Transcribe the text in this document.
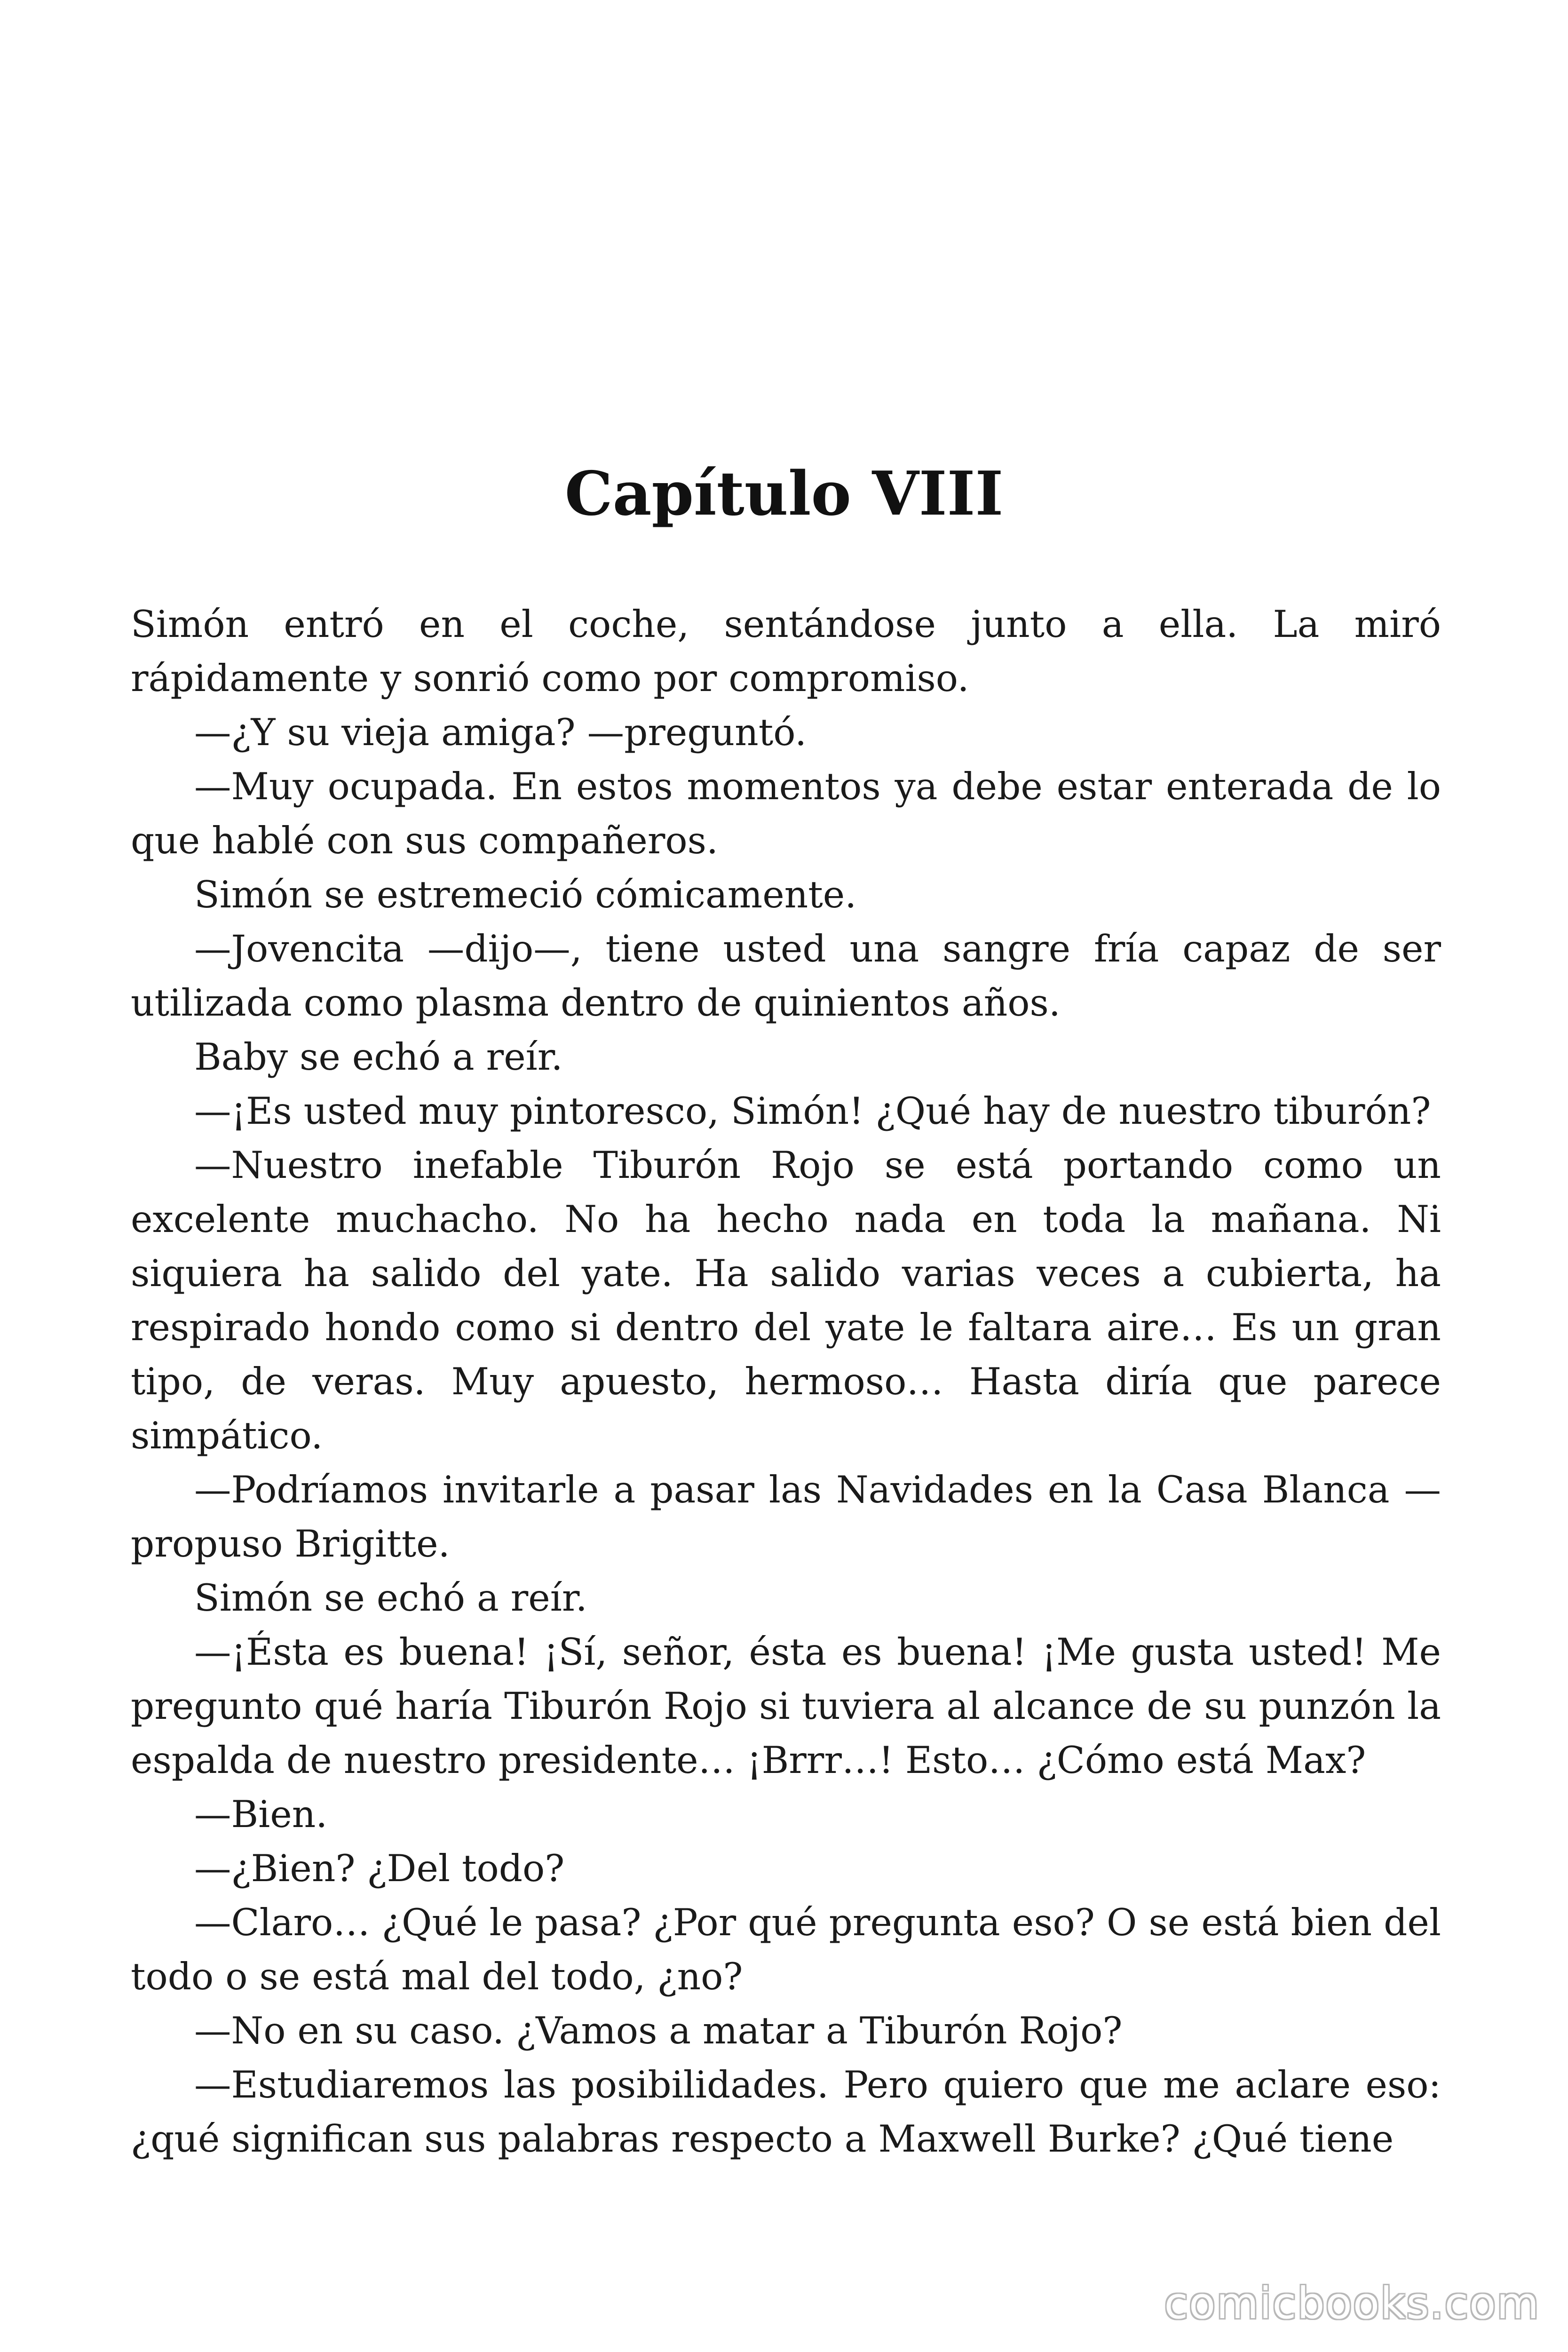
Capítulo VIII

Simón entró en el coche, sentándose junto a ella. La miró rápidamente y sonrió como por compromiso.

—¿Y su vieja amiga? —preguntó.

—Muy ocupada. En estos momentos ya debe estar enterada de lo que hablé con sus compañeros.

Simón se estremeció cómicamente.

—Jovencita —dijo—, tiene usted una sangre fría capaz de ser utilizada como plasma dentro de quinientos años.

Baby se echó a reír.

—¡Es usted muy pintoresco, Simón! ¿Qué hay de nuestro tiburón?

—Nuestro inefable Tiburón Rojo se está portando como un excelente muchacho. No ha hecho nada en toda la mañana. Ni siquiera ha salido del yate. Ha salido varias veces a cubierta, ha respirado hondo como si dentro del yate le faltara aire… Es un gran tipo, de veras. Muy apuesto, hermoso… Hasta diría que parece simpático.

—Podríamos invitarle a pasar las Navidades en la Casa Blanca —propuso Brigitte.

Simón se echó a reír.

—¡Ésta es buena! ¡Sí, señor, ésta es buena! ¡Me gusta usted! Me pregunto qué haría Tiburón Rojo si tuviera al alcance de su punzón la espalda de nuestro presidente… ¡Brrr…! Esto… ¿Cómo está Max?

—Bien.

—¿Bien? ¿Del todo?

—Claro… ¿Qué le pasa? ¿Por qué pregunta eso? O se está bien del todo o se está mal del todo, ¿no?

—No en su caso. ¿Vamos a matar a Tiburón Rojo?

—Estudiaremos las posibilidades. Pero quiero que me aclare eso: ¿qué significan sus palabras respecto a Maxwell Burke? ¿Qué tiene

comicbooks.com
